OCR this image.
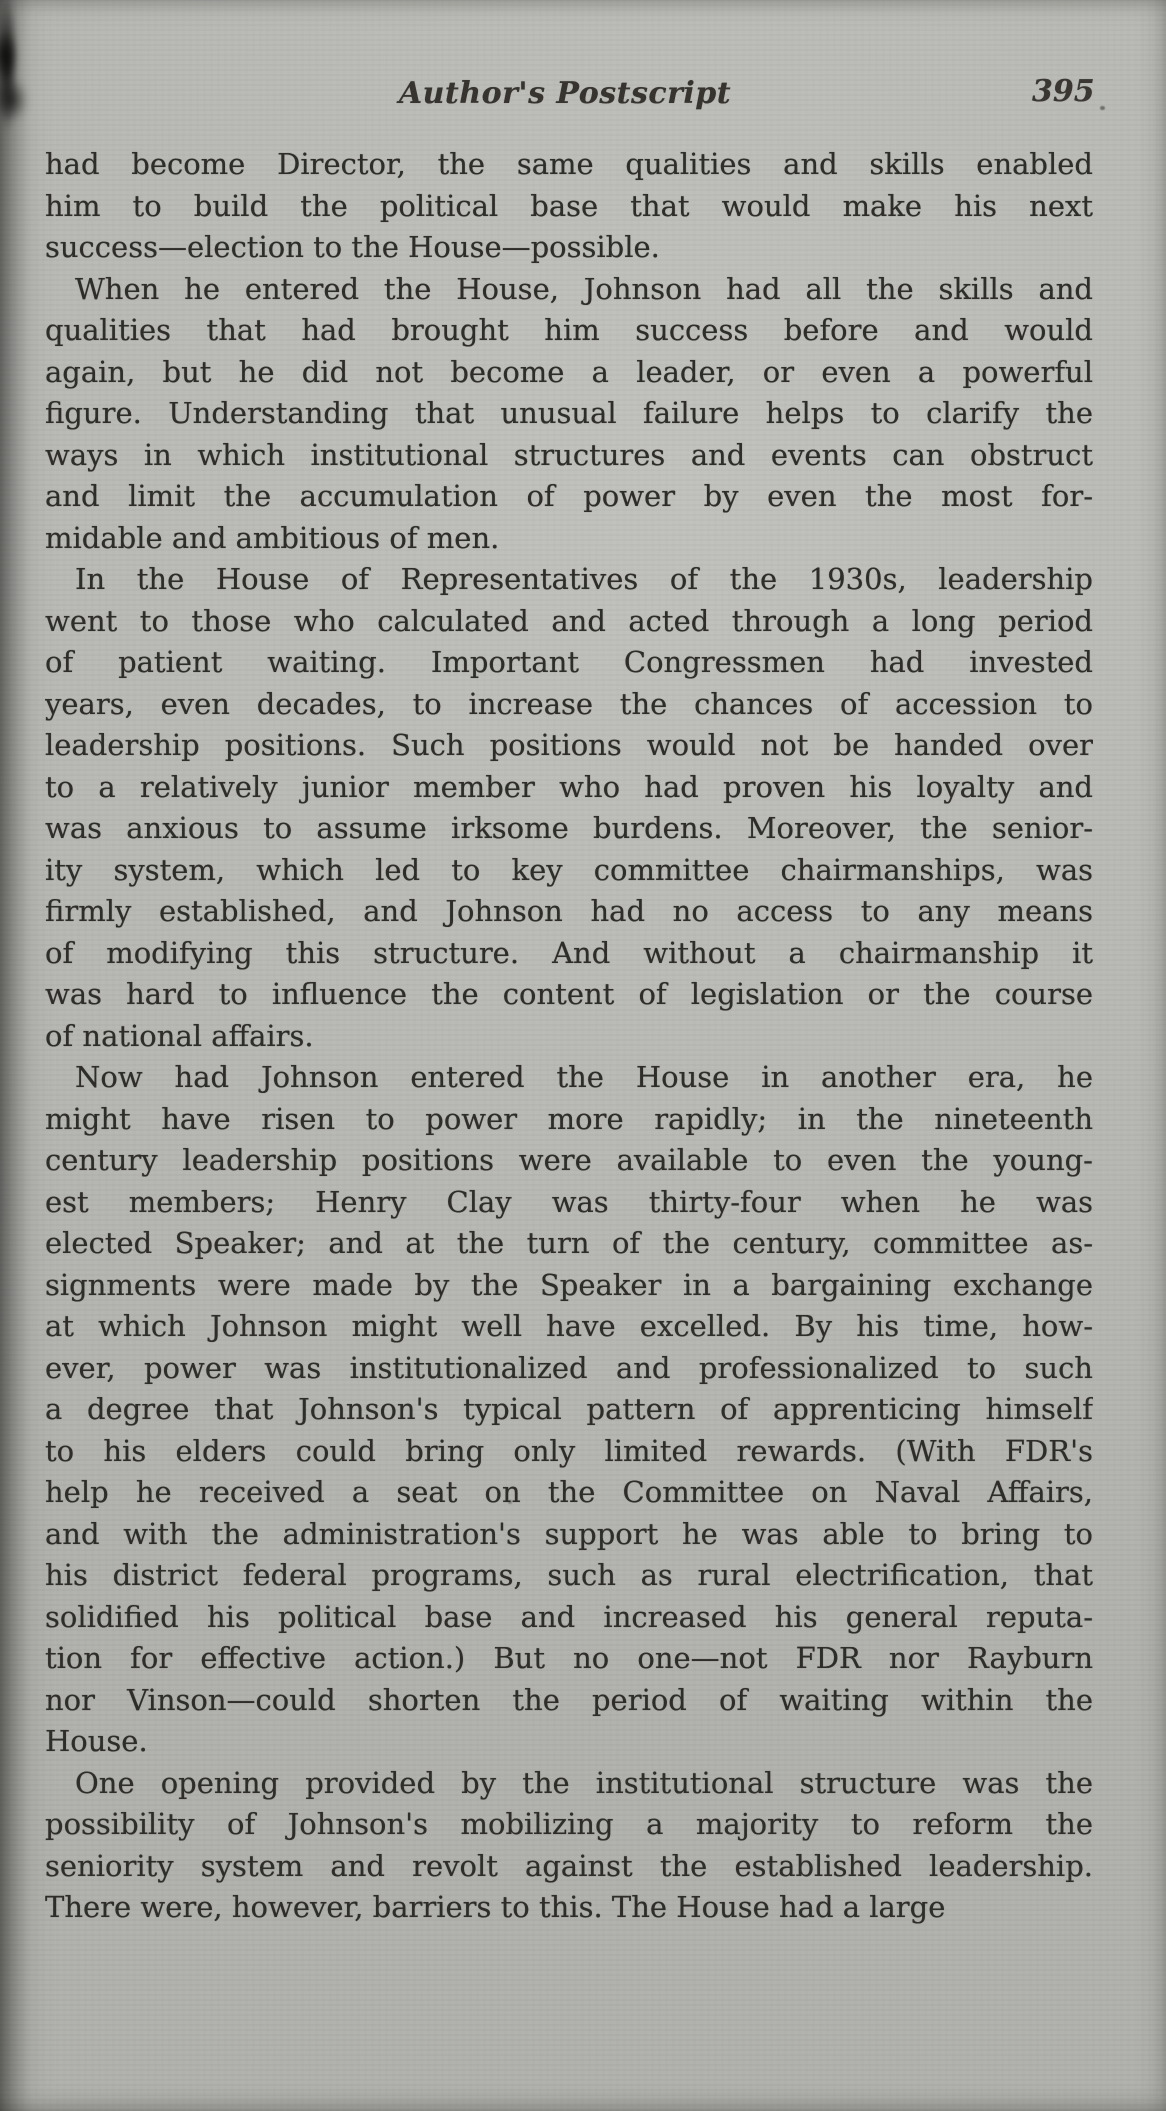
Author's Postscript	395
had become Director, the same qualities and skills enabled
him to build the political base that would make his next
success—election to the House—possible.
When he entered the House, Johnson had all the skills and
qualities that had brought him success before and would
again, but he did not become a leader, or even a powerful
figure. Understanding that unusual failure helps to clarify the
ways in which institutional structures and events can obstruct
and limit the accumulation of power by even the most for-
midable and ambitious of men.
In the House of Representatives of the 1930s, leadership
went to those who calculated and acted through a long period
of patient waiting. Important Congressmen had invested
years, even decades, to increase the chances of accession to
leadership positions. Such positions would not be handed over
to a relatively junior member who had proven his loyalty and
was anxious to assume irksome burdens. Moreover, the senior-
ity system, which led to key committee chairmanships, was
firmly established, and Johnson had no access to any means
of modifying this structure. And without a chairmanship it
was hard to influence the content of legislation or the course
of national affairs.
Now had Johnson entered the House in another era, he
might have risen to power more rapidly; in the nineteenth
century leadership positions were available to even the young-
est members; Henry Clay was thirty-four when he was
elected Speaker; and at the turn of the century, committee as-
signments were made by the Speaker in a bargaining exchange
at which Johnson might well have excelled. By his time, how-
ever, power was institutionalized and professionalized to such
a degree that Johnson's typical pattern of apprenticing himself
to his elders could bring only limited rewards. (With FDR's
help he received a seat on the Committee on Naval Affairs,
and with the administration's support he was able to bring to
his district federal programs, such as rural electrification, that
solidified his political base and increased his general reputa-
tion for effective action.) But no one—not FDR nor Rayburn
nor Vinson—could shorten the period of waiting within the
House.
One opening provided by the institutional structure was the
possibility of Johnson's mobilizing a majority to reform the
seniority system and revolt against the established leadership.
There were, however, barriers to this. The House had a large
